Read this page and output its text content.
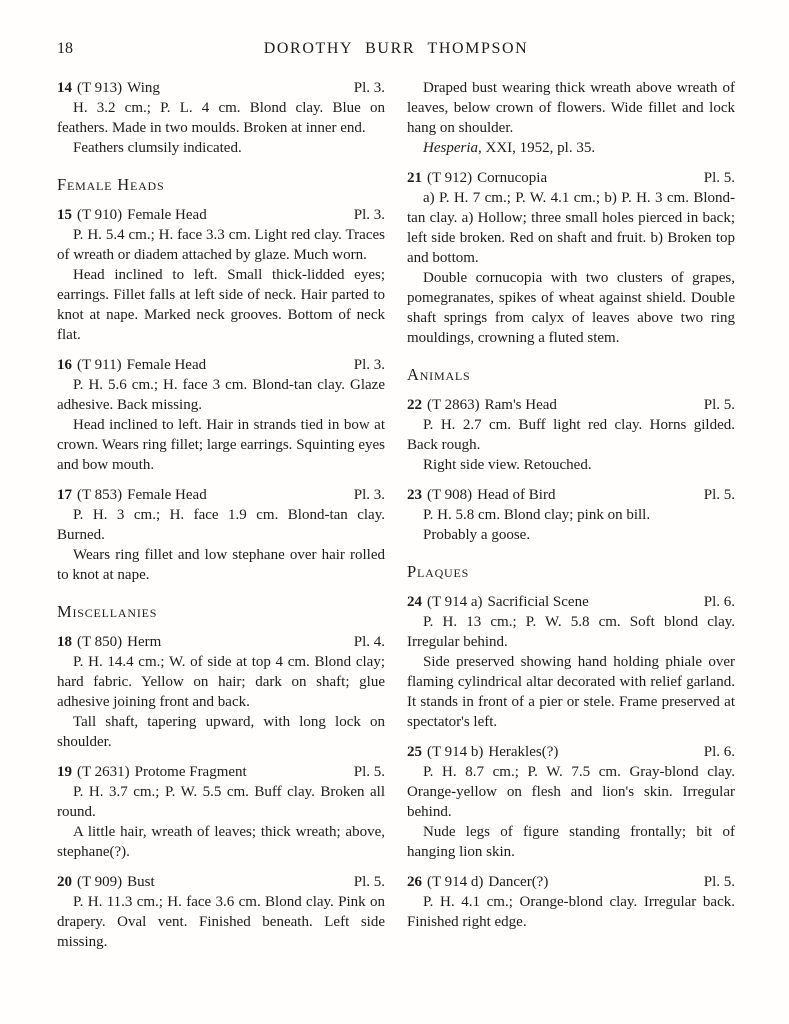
18	DOROTHY BURR THOMPSON
14 (T 913) Wing	Pl. 3.

H. 3.2 cm.; P. L. 4 cm. Blond clay. Blue on feathers. Made in two moulds. Broken at inner end.

Feathers clumsily indicated.

Female Heads
15 (T 910) Female Head	Pl. 3.

P. H. 5.4 cm.; H. face 3.3 cm. Light red clay. Traces of wreath or diadem attached by glaze. Much worn.

Head inclined to left. Small thick-lidded eyes; earrings. Fillet falls at left side of neck. Hair parted to knot at nape. Marked neck grooves. Bottom of neck flat.

16 (T 911) Female Head	Pl. 3.

P. H. 5.6 cm.; H. face 3 cm. Blond-tan clay. Glaze adhesive. Back missing.

Head inclined to left. Hair in strands tied in bow at crown. Wears ring fillet; large earrings. Squinting eyes and bow mouth.

17 (T 853) Female Head	Pl. 3.

P. H. 3 cm.; H. face 1.9 cm. Blond-tan clay. Burned.

Wears ring fillet and low stephane over hair rolled to knot at nape.

Miscellanies
18 (T 850) Herm	Pl. 4.

P. H. 14.4 cm.; W. of side at top 4 cm. Blond clay; hard fabric. Yellow on hair; dark on shaft; glue adhesive joining front and back.

Tall shaft, tapering upward, with long lock on shoulder.

19 (T 2631) Protome Fragment	Pl. 5.

P. H. 3.7 cm.; P. W. 5.5 cm. Buff clay. Broken all round.

A little hair, wreath of leaves; thick wreath; above, stephane(?).

20 (T 909) Bust	Pl. 5.

P. H. 11.3 cm.; H. face 3.6 cm. Blond clay. Pink on drapery. Oval vent. Finished beneath. Left side missing.

Draped bust wearing thick wreath above wreath of leaves, below crown of flowers. Wide fillet and lock hang on shoulder.

Hesperia, XXI, 1952, pl. 35.

21 (T 912) Cornucopia	Pl. 5.

a) P. H. 7 cm.; P. W. 4.1 cm.; b) P. H. 3 cm. Blond-tan clay. a) Hollow; three small holes pierced in back; left side broken. Red on shaft and fruit. b) Broken top and bottom.

Double cornucopia with two clusters of grapes, pomegranates, spikes of wheat against shield. Double shaft springs from calyx of leaves above two ring mouldings, crowning a fluted stem.

Animals
22 (T 2863) Ram's Head	Pl. 5.

P. H. 2.7 cm. Buff light red clay. Horns gilded. Back rough.

Right side view. Retouched.

23 (T 908) Head of Bird	Pl. 5.

P. H. 5.8 cm. Blond clay; pink on bill.

Probably a goose.

Plaques
24 (T 914 a) Sacrificial Scene	Pl. 6.

P. H. 13 cm.; P. W. 5.8 cm. Soft blond clay. Irregular behind.

Side preserved showing hand holding phiale over flaming cylindrical altar decorated with relief garland. It stands in front of a pier or stele. Frame preserved at spectator's left.

25 (T 914 b) Herakles(?)	Pl. 6.

P. H. 8.7 cm.; P. W. 7.5 cm. Gray-blond clay. Orange-yellow on flesh and lion's skin. Irregular behind.

Nude legs of figure standing frontally; bit of hanging lion skin.

26 (T 914 d) Dancer(?)	Pl. 5.

P. H. 4.1 cm.; Orange-blond clay. Irregular back. Finished right edge.
